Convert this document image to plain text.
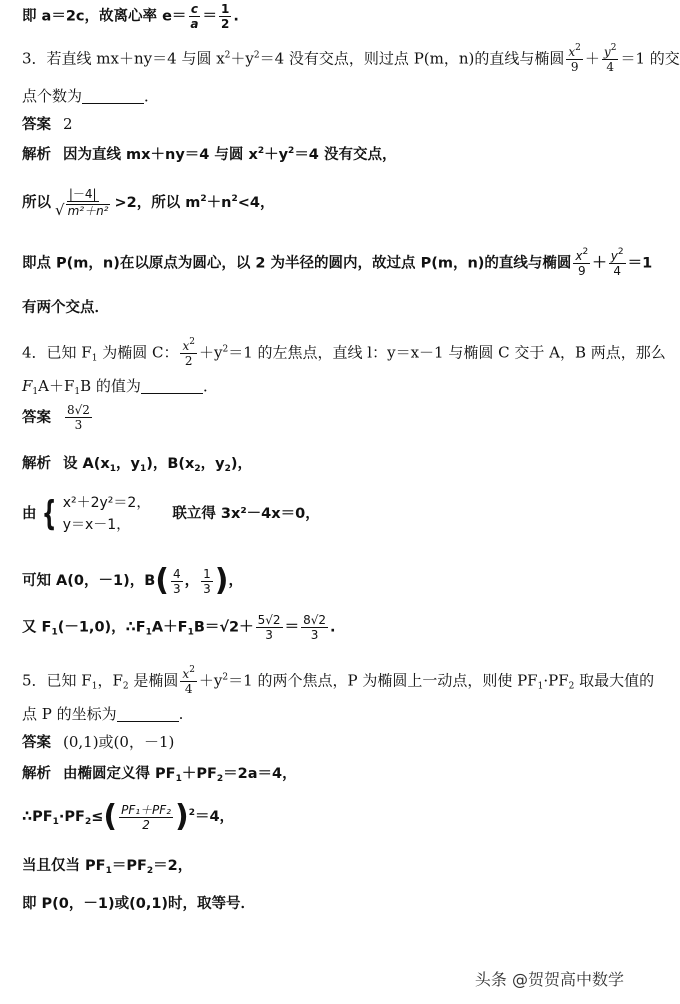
即 a＝2c，故离心率 $e= \frac{c}{a} = \frac{1}{2}$ .
3．若直线 mx＋ny＝4 与圆 $x^2+y^2=4$ 没有交点，则过点 P(m，n)的直线与椭圆 $\frac{x^2}{9} + \frac{y^2}{4} =1$ 的交
点个数为	．
答案 2
解析 因为直线 mx＋ny＝4 与圆 $x^2+y^2=4$ 没有交点，
所以 $\frac{|-4|}{\text{√ m²＋n²}} >2$，所以 $m^2+n^2<4$，
即点 P(m，n)在以原点为圆心，以 2 为半径的圆内，故过点 P(m，n)的直线与椭圆 $\frac{x^2}{9} + \frac{y^2}{4} =1$
有两个交点．
4．已知 $F_1$ 为椭圆 C： $\frac{x^2}{2} +y^2=1$ 的左焦点，直线 l：y＝x－1 与椭圆 C 交于 A，B 两点，那么
$F_1A+F_1B$ 的值为	．
答案 $\frac{8√2}{3}$
解析 设 $A(x_1$，$y_1$)，$B(x_2$，$y_2$)，
由 { x²＋2y²＝2，
y＝x－1，
联立得 3x²－4x＝0，
可知 A(0，－1)，$B( \frac{4}{3}$ ， $\frac{1}{3}$ )，
又 $F_1(-1,0)$，$\therefore F_1A+F_1B=√2+ \frac{5√2}{3} = \frac{8√2}{3}$ .
5．已知 $F_1$，$F_2$ 是椭圆 $\frac{x^2}{4} +y^2=1$ 的两个焦点，P 为椭圆上一动点，则使 $PF_1\cdot PF_2$ 取最大值的
点 P 的坐标为	.
答案 (0,1)或(0，－1)
解析 由椭圆定义得 $PF_1+PF_2=2a=4$，
$\therefore PF_1\cdot PF_2\le( \frac{\text{PF₁＋PF₂}}{2} )^2=4$，
当且仅当 $PF_1=PF_2=2$，
即 P(0，－1)或(0,1)时，取等号．
头条 @贺贺高中数学
